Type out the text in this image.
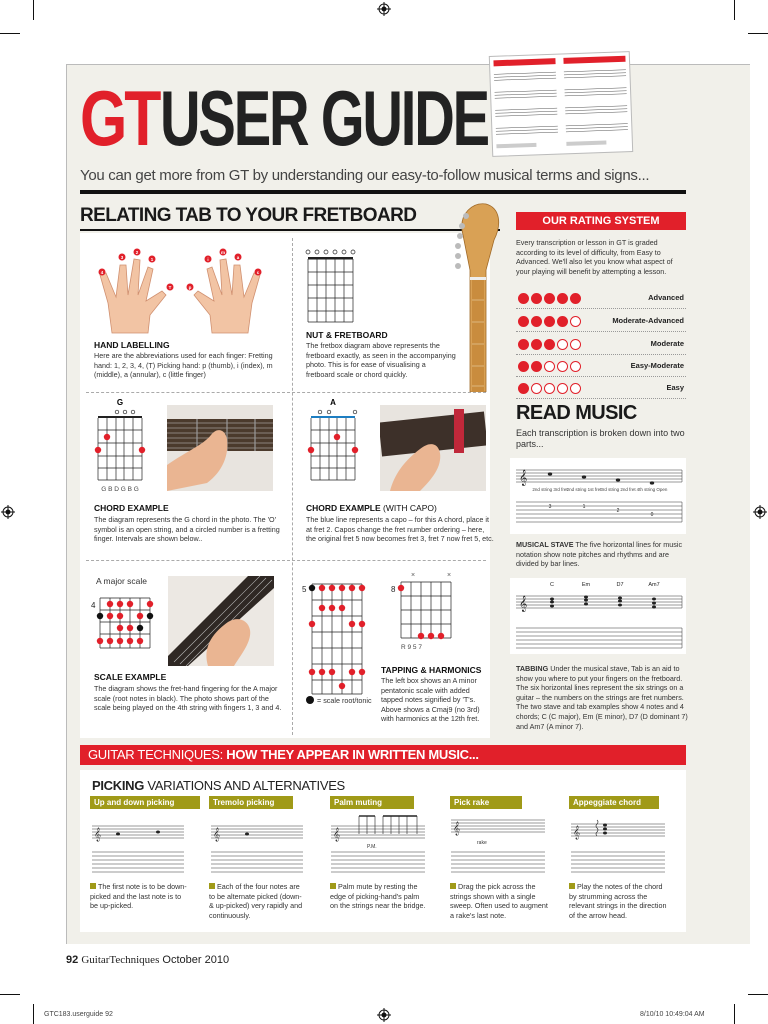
GT USER GUIDE
You can get more from GT by understanding our easy-to-follow musical terms and signs...
RELATING TAB TO YOUR FRETBOARD
4
3
2
1
T	p
i
m
a
c
HAND LABELLING
Here are the abbreviations used for each finger: Fretting hand: 1, 2, 3, 4, (T) Picking hand: p (thumb), i (index), m (middle), a (annular), c (little finger)
NUT & FRETBOARD
The fretbox diagram above represents the fretboard exactly, as seen in the accompanying photo. This is for ease of visualising a fretboard scale or chord quickly.
G
G B D G B G
CHORD EXAMPLE
The diagram represents the G chord in the photo. The 'O' symbol is an open string, and a circled number is a fretting finger. Intervals are shown below..
A
CHORD EXAMPLE (WITH CAPO)
The blue line represents a capo – for this A chord, place it at fret 2. Capos change the fret number ordering – here, the original fret 5 now becomes fret 3, fret 7 now fret 5, etc.
A major scale
4
SCALE EXAMPLE
The diagram shows the fret-hand fingering for the A major scale (root notes in black). The photo shows part of the scale being played on the 4th string with fingers 1, 3 and 4.
5
= scale root/tonic
×	×
8
R 9 5 7
TAPPING & HARMONICS
The left box shows an A minor pentatonic scale with added tapped notes signified by 'T's. Above shows a Cmaj9 (no 3rd) with harmonics at the 12th fret.
OUR RATING SYSTEM
Every transcription or lesson in GT is graded according to its level of difficulty, from Easy to Advanced. We'll also let you know what aspect of your playing will benefit by attempting a lesson.
Advanced
Moderate-Advanced
Moderate
Easy-Moderate
Easy
READ MUSIC
Each transcription is broken down into two parts...
𝄞
2nd string 3rd fret
2nd string 1st fret
3rd string 2nd fret 4th string Open
3	1
2
0
MUSICAL STAVE The five horizontal lines for music notation show note pitches and rhythms and are divided by bar lines.
C	Em	D7	Am7
𝄞
TABBING Under the musical stave, Tab is an aid to show you where to put your fingers on the fretboard. The six horizontal lines represent the six strings on a guitar – the numbers on the strings are fret numbers. The two stave and tab examples show 4 notes and 4 chords; C (C major), Em (E minor), D7 (D dominant 7) and Am7 (A minor 7).
GUITAR TECHNIQUES: HOW THEY APPEAR IN WRITTEN MUSIC...
PICKING VARIATIONS AND ALTERNATIVES
Up and down picking	Tremolo picking	Palm muting	Pick rake	Appeggiate chord
𝄞	𝄞	𝄞
P.M.
𝄞
rake
𝄞
The first note is to be down-picked and the last note is to be up-picked.
Each of the four notes are to be alternate picked (down- & up-picked) very rapidly and continuously.
Palm mute by resting the edge of picking-hand's palm on the strings near the bridge.
Drag the pick across the strings shown with a single sweep. Often used to augment a rake's last note.
Play the notes of the chord by strumming across the relevant strings in the direction of the arrow head.
92 GuitarTechniques October 2010
GTC183.userguide 92	8/10/10 10:49:04 AM
